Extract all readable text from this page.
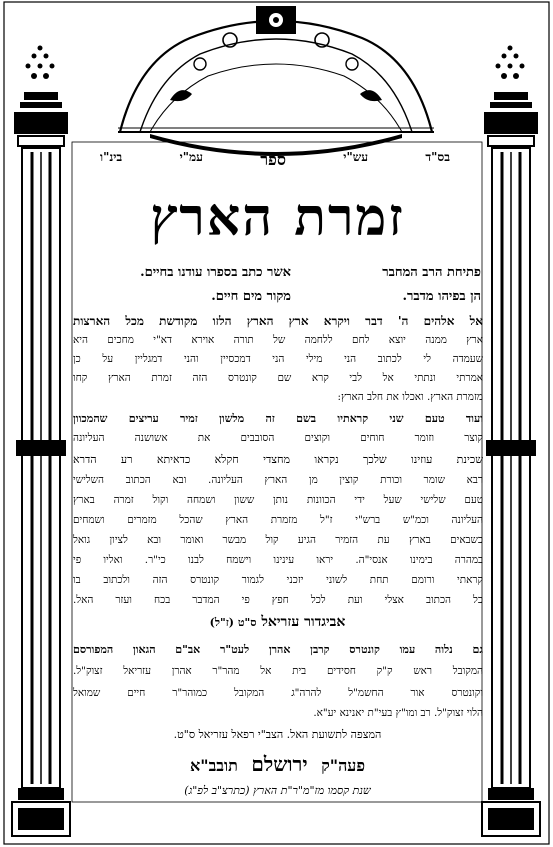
בס"ד
עש"י
ספר
עמ"י
בינ"ו
זמרת הארץ
פתיחת הרב המחבר
אשר כתב בספרו עודנו בחיים.
הן בפיהו מדבר.
מקור מים חיים.
אל אלהים ה' דבר ויקרא ארץ הארץ הלזו מקודשת מכל הארצות
ארץ ממנה יוצא לחם ללחמה של תורה אוירא דא"י מחכים היא
שעמדה לי לכתוב הני מילי הני דמכסיין והני דמגליין על כן
אמרתי ונתתי אל לבי קרא שם קונטרס הזה זמרת הארץ קחו
מזמרת הארץ. ואכלו את חלב הארץ:
ועוד טעם שני קראתיו בשם זה מלשון זמיר עריצים שהמכוון
קוצר וזומר חוחים וקוצים הסובבים את אשושנה העליונה
שכינת עוזינו שלכך נקראו מחצדי חקלא כדאיתא רע הדרא
רבא שומר וכורת קוצין מן הארץ העליונה. ובא הכתוב השלישי
טעם שלישי שעל ידי הכוונות נותן ששון ושמחה וקול זמרה בארץ
העליונה וכמ"ש ברש"י ז"ל מזמרת הארץ שהכל מזמרים ושמחים
כשבאים בארץ עת הזמיר הגיע קול מבשר ואומר ובא לציון גואל
במהרה בימינו אנסי"ה. יראו עינינו וישמח לבנו כי"ר. ואליו פי
קראתי ורומם תחת לשוני יזכני לגמור קונטרס הזה ולכתוב בו
כל הכתוב אצלי ועת לכל חפץ פי המדבר בכח ועזר האל.
אביגדור עזריאל ס"ט (ז"ל)
גם נלוה עמו קונטרס קרבן אהרן לעט"ר אב"ם הגאון המפורסם
המקובל ראש ק"ק חסידים בית אל מהר"ר אהרן עזריאל זצוק"ל.
וקונטרס אור החשמ"ל להרה"ג המקובל כמוהר"ר חיים שמואל
הלוי זצוק"ל. רב ומו"ץ בעי"ת יאנינא יע"א.
המצפה לתשועת האל. הצב"י רפאל עזריאל ס"ט.
פעה"ק ירושלם תובב"א
שנת קסמו מז"מ"ר"ת הארץ (כתרצ"ב לפ"ג)
